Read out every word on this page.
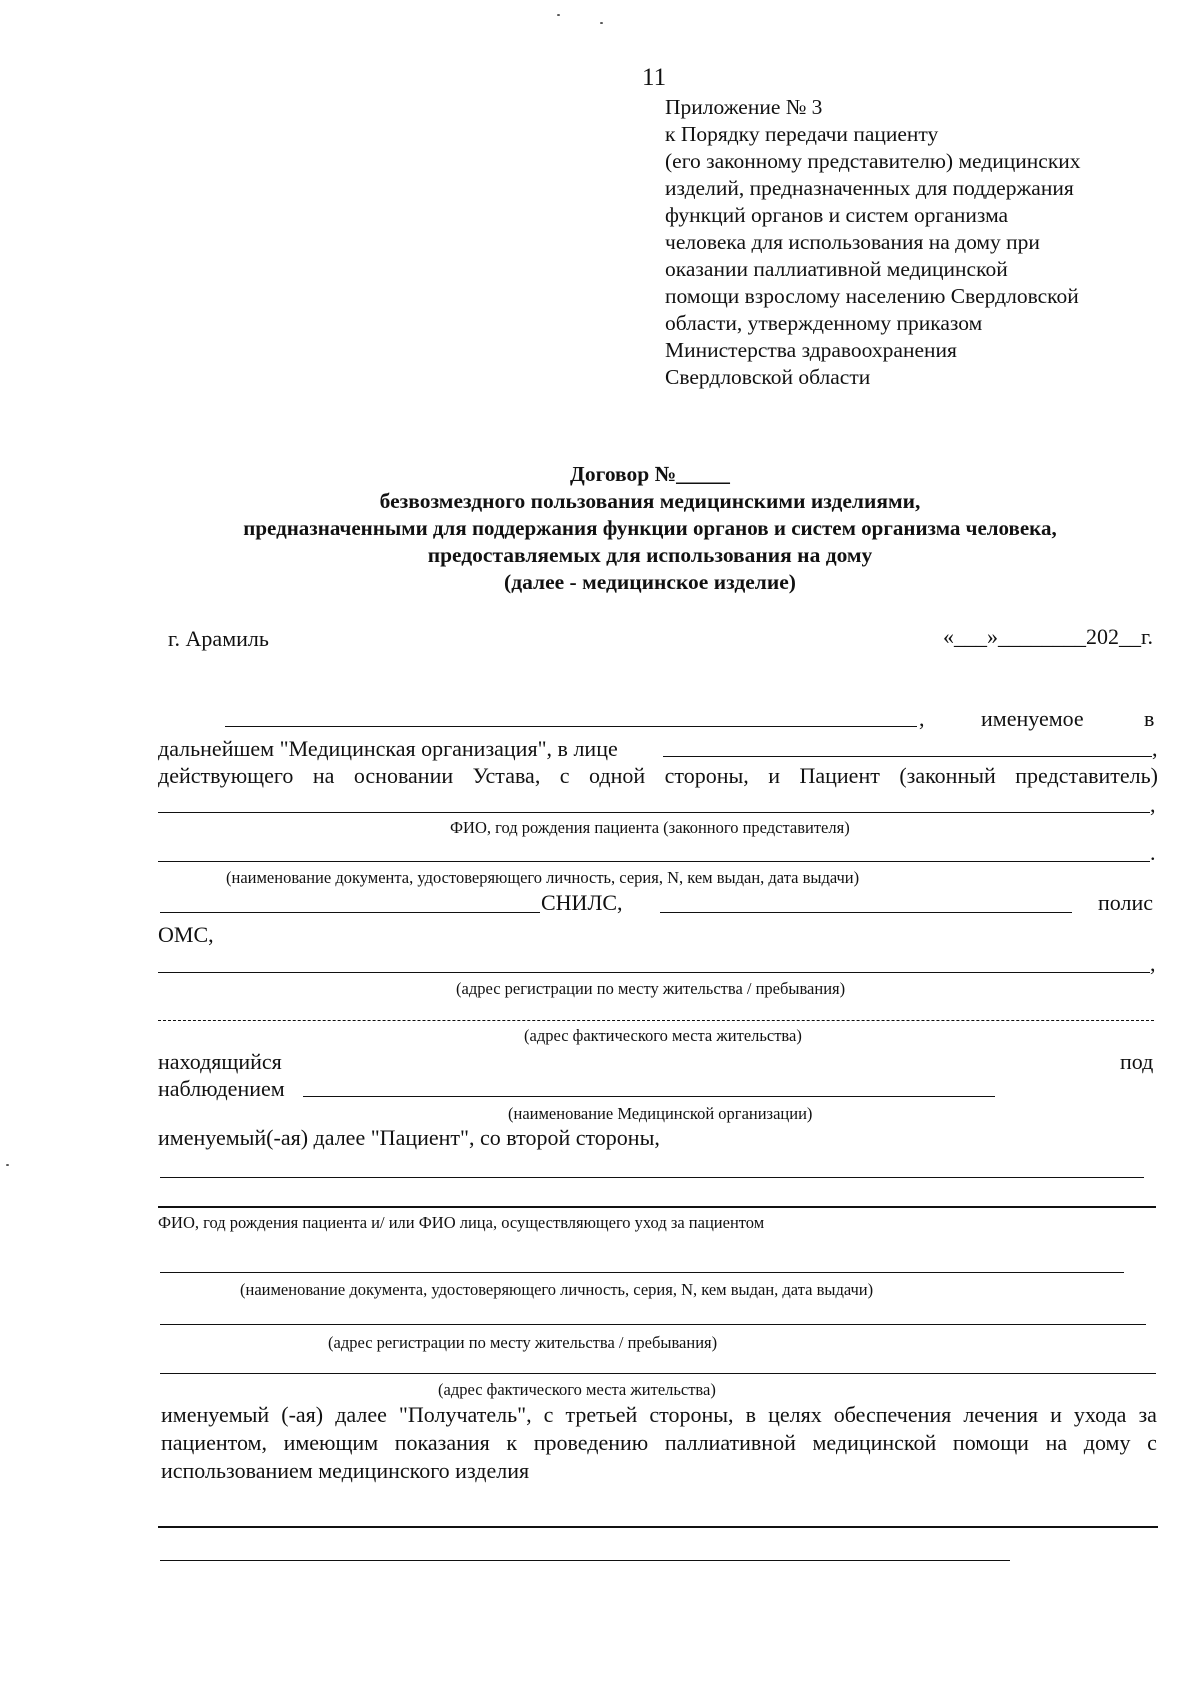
11
Приложение № 3
к Порядку передачи пациенту
(его законному представителю) медицинских
изделий, предназначенных для поддержания
функций органов и систем организма
человека для использования на дому при
оказании паллиативной медицинской
помощи взрослому населению Свердловской
области, утвержденному приказом
Министерства здравоохранения
Свердловской области
Договор №_____
безвозмездного пользования медицинскими изделиями,
предназначенными для поддержания функции органов и систем организма человека,
предоставляемых для использования на дому
(далее - медицинское изделие)
г. Арамиль	«___»________202__г.
,	именуемое	в
дальнейшем "Медицинская организация", в лице	,
действующего на основании Устава, с одной стороны, и Пациент (законный представитель)
,
ФИО, год рождения пациента (законного представителя)
.
(наименование документа, удостоверяющего личность, серия, N, кем выдан, дата выдачи)
СНИЛС,	полис
ОМС,
,
(адрес регистрации по месту жительства / пребывания)
(адрес фактического места жительства)
находящийся	под
наблюдением
(наименование Медицинской организации)
именуемый(-ая) далее "Пациент", со второй стороны,
ФИО, год рождения пациента и/ или ФИО лица, осуществляющего уход за пациентом
(наименование документа, удостоверяющего личность, серия, N, кем выдан, дата выдачи)
(адрес регистрации по месту жительства / пребывания)
(адрес фактического места жительства)
именуемый (-ая) далее "Получатель", с третьей стороны, в целях обеспечения лечения и ухода за
пациентом, имеющим показания к проведению паллиативной медицинской помощи на дому с
использованием медицинского изделия
